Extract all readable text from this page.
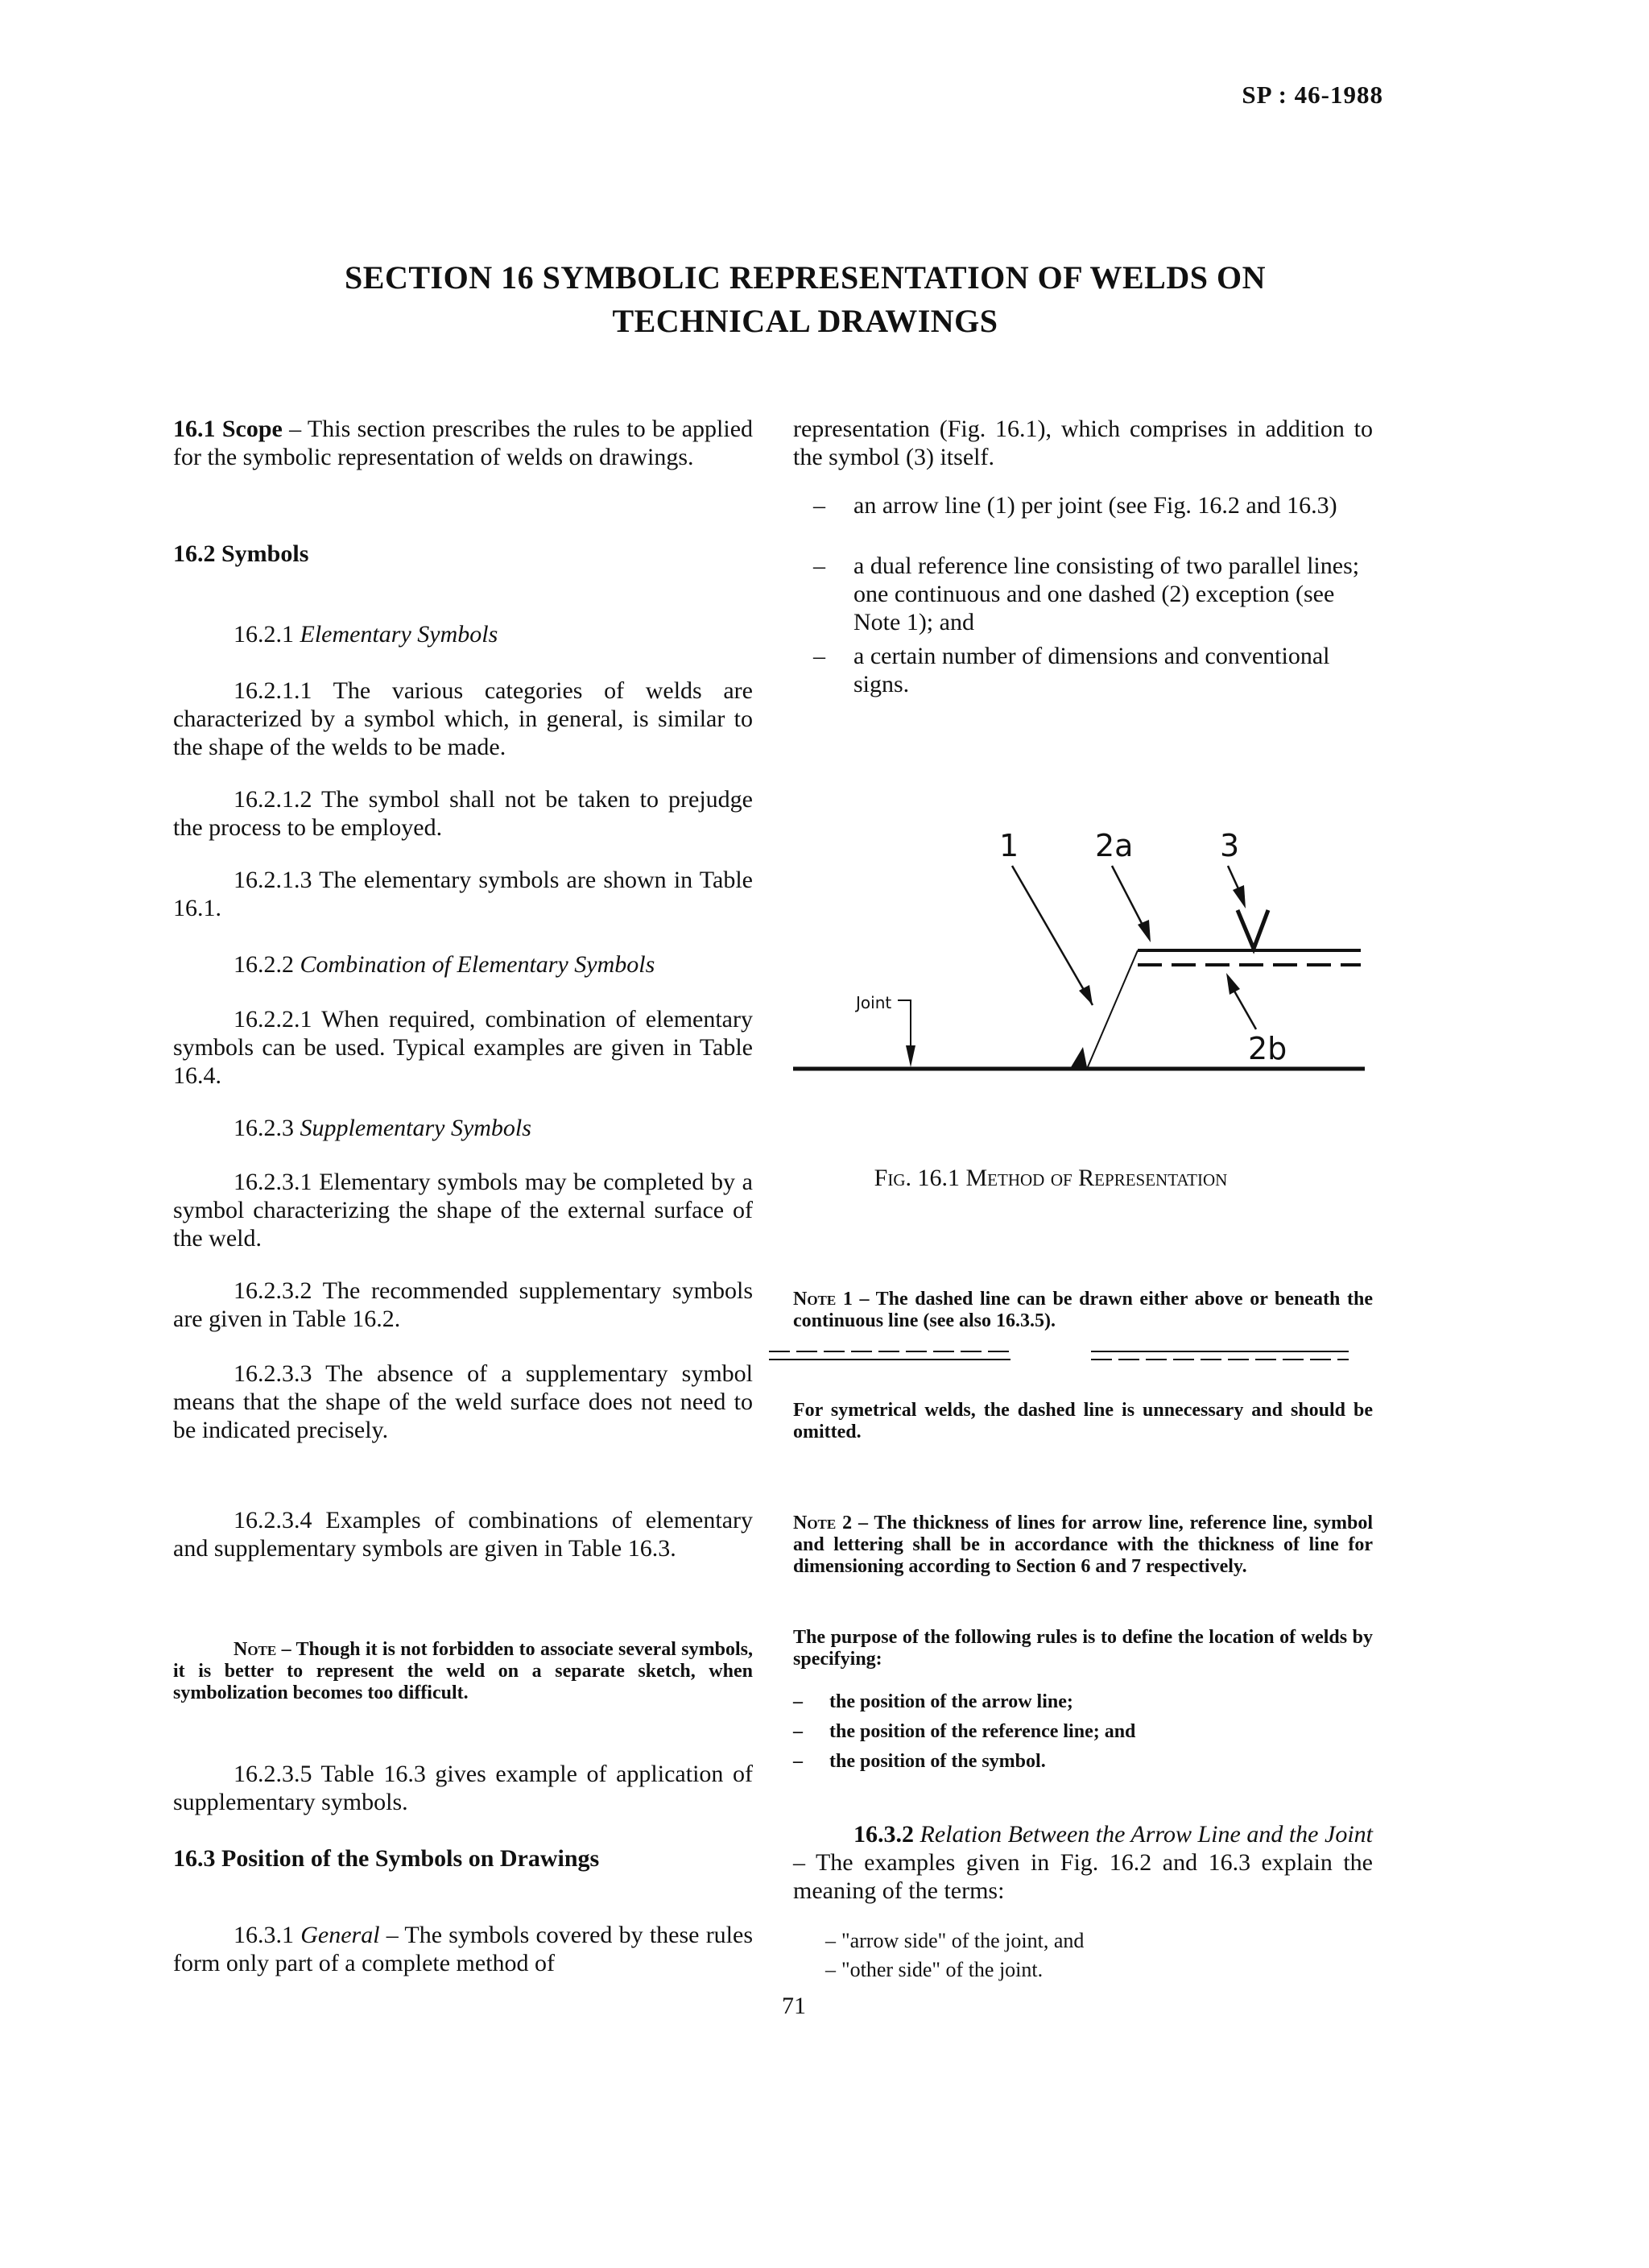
SP : 46-1988
SECTION 16 SYMBOLIC REPRESENTATION OF WELDS ON
TECHNICAL DRAWINGS

16.1 Scope – This section prescribes the rules to be applied for the symbolic representation of welds on drawings.

16.2 Symbols

16.2.1 Elementary Symbols

16.2.1.1 The various categories of welds are characterized by a symbol which, in general, is similar to the shape of the welds to be made.

16.2.1.2 The symbol shall not be taken to prejudge the process to be employed.

16.2.1.3 The elementary symbols are shown in Table 16.1.

16.2.2 Combination of Elementary Symbols

16.2.2.1 When required, combination of elementary symbols can be used. Typical examples are given in Table 16.4.

16.2.3 Supplementary Symbols

16.2.3.1 Elementary symbols may be completed by a symbol characterizing the shape of the external surface of the weld.

16.2.3.2 The recommended supplementary symbols are given in Table 16.2.

16.2.3.3 The absence of a supplementary symbol means that the shape of the weld surface does not need to be indicated precisely.

16.2.3.4 Examples of combinations of elementary and supplementary symbols are given in Table 16.3.

Note – Though it is not forbidden to associate several symbols, it is better to represent the weld on a separate sketch, when symbolization becomes too difficult.

16.2.3.5 Table 16.3 gives example of application of supplementary symbols.

16.3 Position of the Symbols on Drawings

16.3.1 General – The symbols covered by these rules form only part of a complete method of

representation (Fig. 16.1), which comprises in addition to the symbol (3) itself.

–	an arrow line (1) per joint (see Fig. 16.2 and 16.3)
–	a dual reference line consisting of two parallel lines; one continuous and one dashed (2) exception (see Note 1); and
–	a certain number of dimensions and conventional signs.
1 2a	3
2b
Joint

Fig. 16.1 Method of Representation

Note 1 – The dashed line can be drawn either above or beneath the continuous line (see also 16.3.5).

For symetrical welds, the dashed line is unnecessary and should be omitted.

Note 2 – The thickness of lines for arrow line, reference line, symbol and lettering shall be in accordance with the thickness of line for dimensioning according to Section 6 and 7 respectively.

The purpose of the following rules is to define the location of welds by specifying:

–	the position of the arrow line;
–	the position of the reference line; and
–	the position of the symbol.

16.3.2 Relation Between the Arrow Line and the Joint – The examples given in Fig. 16.2 and 16.3 explain the meaning of the terms:

– "arrow side" of the joint, and
– "other side" of the joint.
71
